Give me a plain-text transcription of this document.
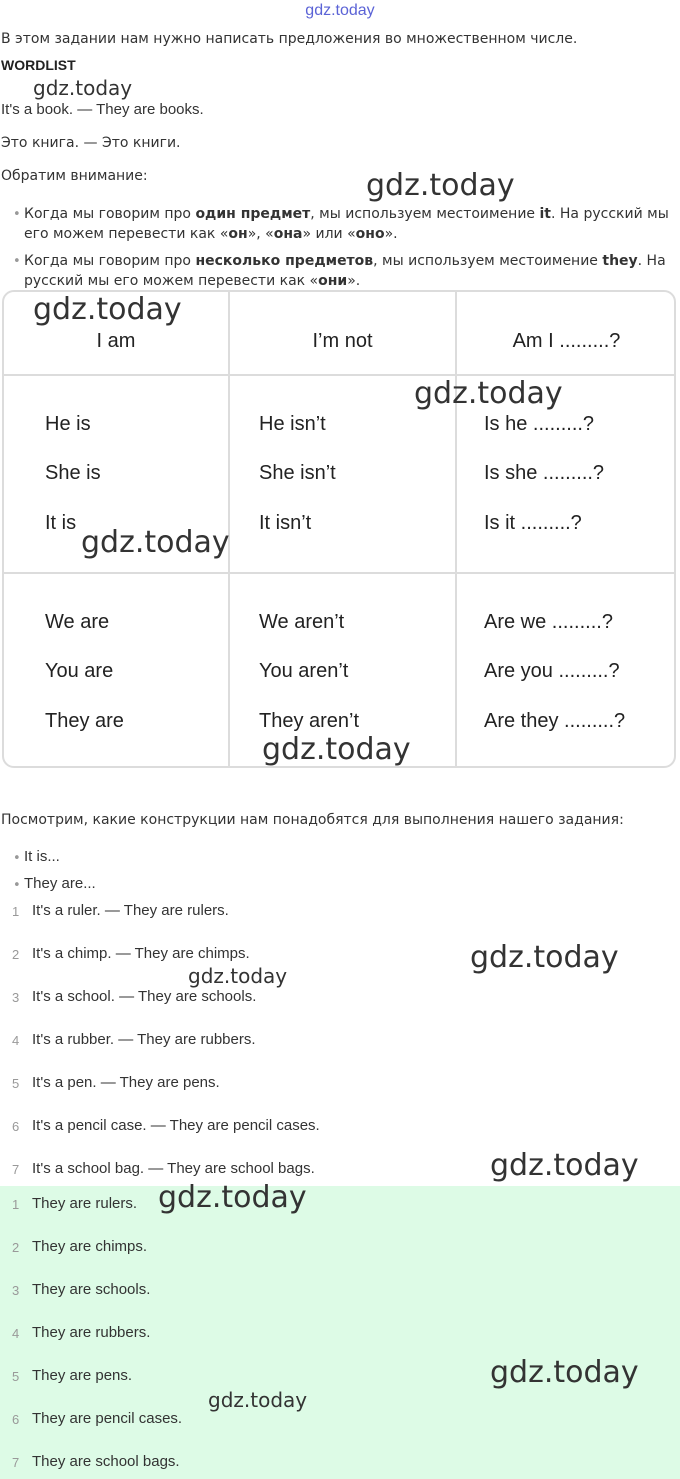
gdz.today
В этом задании нам нужно написать предложения во множественном числе.
WORDLIST
It's a book. — They are books.
Это книга. — Это книги.
Обратим внимание:
• Когда мы говорим про один предмет, мы используем местоимение it. На русский мы его можем перевести как «он», «она» или «оно».
• Когда мы говорим про несколько предметов, мы используем местоимение they. На русский мы его можем перевести как «они».
I am	I’m not	Am I .........?
He is
She is
It is
He isn’t
She isn’t
It isn’t
Is he .........?
Is she .........?
Is it .........?
We are
You are
They are
We aren’t
You aren’t
They aren’t
Are we .........?
Are you .........?
Are they .........?
Посмотрим, какие конструкции нам понадобятся для выполнения нашего задания:
• It is...
• They are...
1 It's a ruler. — They are rulers.
2 It's a chimp. — They are chimps.
3 It's a school. — They are schools.
4 It's a rubber. — They are rubbers.
5 It's a pen. — They are pens.
6 It's a pencil case. — They are pencil cases.
7 It's a school bag. — They are school bags.
1 They are rulers.
2 They are chimps.
3 They are schools.
4 They are rubbers.
5 They are pens.
6 They are pencil cases.
7 They are school bags.
gdz.today
gdz.today
gdz.today
gdz.today
gdz.today
gdz.today
gdz.today
gdz.today
gdz.today
gdz.today
gdz.today
gdz.today
